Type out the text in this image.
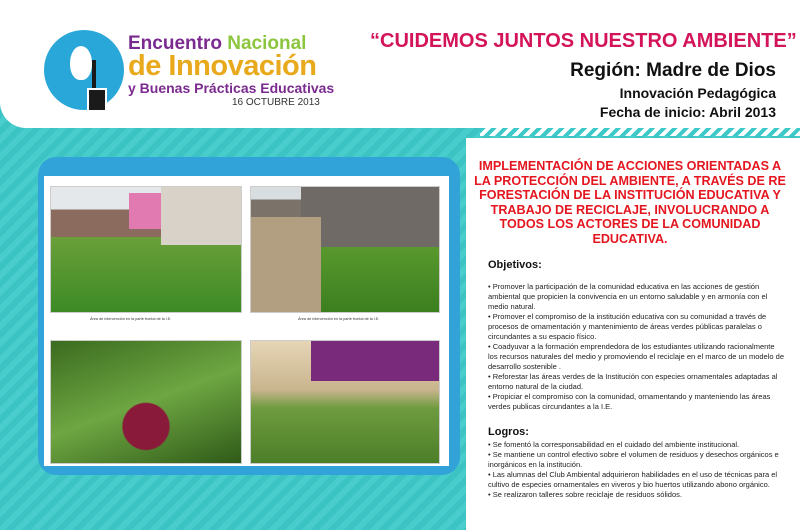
Encuentro Nacional
de Innovación
y Buenas Prácticas Educativas
16 OCTUBRE 2013
“CUIDEMOS JUNTOS NUESTRO AMBIENTE”
Región: Madre de Dios
Innovación Pedagógica
Fecha de inicio: Abril 2013
Área de intervención en la parte frontal de la I.E.	Área de intervención en la parte frontal de la I.E.
IMPLEMENTACIÓN DE ACCIONES ORIENTADAS A LA PROTECCIÓN DEL AMBIENTE, A TRAVÉS DE RE FORESTACIÓN DE LA INSTITUCIÓN EDUCATIVA Y TRABAJO DE RECICLAJE, INVOLUCRANDO A TODOS LOS ACTORES DE LA COMUNIDAD EDUCATIVA.
Objetivos:
• Promover la participación de la comunidad educativa en las acciones de gestión ambiental que propicien la convivencia en un entorno saludable y en armonía con el medio natural.
• Promover el compromiso de la institución educativa con su comunidad a través de procesos de ornamentación y mantenimiento de áreas verdes públicas paralelas o circundantes a su espacio físico.
• Coadyuvar a la formación emprendedora de los estudiantes utilizando racionalmente los recursos naturales del medio y promoviendo el reciclaje en el marco de un modelo de desarrollo sostenible .
• Reforestar las áreas verdes de la Institución con especies ornamentales adaptadas al entorno natural de la ciudad.
• Propiciar el compromiso con la comunidad, ornamentando y manteniendo las áreas verdes publicas circundantes a la I.E.
Logros:
• Se fomentó la corresponsabilidad en el cuidado del ambiente institucional.
• Se mantiene un control efectivo sobre el volumen de residuos y desechos orgánicos e inorgánicos en la institución.
• Las alumnas del Club Ambiental adquirieron habilidades en el uso de técnicas para el cultivo de especies ornamentales en viveros y bio huertos utilizando abono orgánico.
• Se realizaron talleres sobre reciclaje de residuos sólidos.
